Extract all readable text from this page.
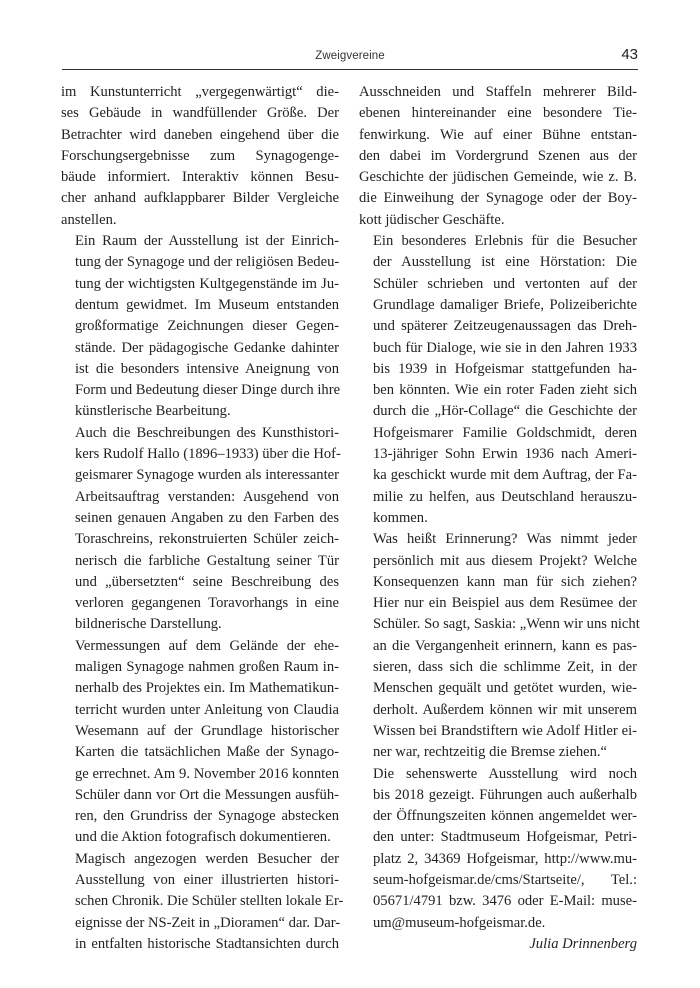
Zweigvereine	43
im Kunstunterricht „vergegenwärtigt“ die-
ses Gebäude in wandfüllender Größe. Der
Betrachter wird daneben eingehend über die
Forschungsergebnisse zum Synagogenge-
bäude informiert. Interaktiv können Besu-
cher anhand aufklappbarer Bilder Vergleiche
anstellen.
Ein Raum der Ausstellung ist der Einrich-
tung der Synagoge und der religiösen Bedeu-
tung der wichtigsten Kultgegenstände im Ju-
dentum gewidmet. Im Museum entstanden
großformatige Zeichnungen dieser Gegen-
stände. Der pädagogische Gedanke dahinter
ist die besonders intensive Aneignung von
Form und Bedeutung dieser Dinge durch ihre
künstlerische Bearbeitung.
Auch die Beschreibungen des Kunsthistori-
kers Rudolf Hallo (1896–1933) über die Hof-
geismarer Synagoge wurden als interessanter
Arbeitsauftrag verstanden: Ausgehend von
seinen genauen Angaben zu den Farben des
Toraschreins, rekonstruierten Schüler zeich-
nerisch die farbliche Gestaltung seiner Tür
und „übersetzten“ seine Beschreibung des
verloren gegangenen Toravorhangs in eine
bildnerische Darstellung.
Vermessungen auf dem Gelände der ehe-
maligen Synagoge nahmen großen Raum in-
nerhalb des Projektes ein. Im Mathematikun-
terricht wurden unter Anleitung von Claudia
Wesemann auf der Grundlage historischer
Karten die tatsächlichen Maße der Synago-
ge errechnet. Am 9. November 2016 konnten
Schüler dann vor Ort die Messungen ausfüh-
ren, den Grundriss der Synagoge abstecken
und die Aktion fotografisch dokumentieren.
Magisch angezogen werden Besucher der
Ausstellung von einer illustrierten histori-
schen Chronik. Die Schüler stellten lokale Er-
eignisse der NS-Zeit in „Dioramen“ dar. Dar-
in entfalten historische Stadtansichten durch
Ausschneiden und Staffeln mehrerer Bild-
ebenen hintereinander eine besondere Tie-
fenwirkung. Wie auf einer Bühne entstan-
den dabei im Vordergrund Szenen aus der
Geschichte der jüdischen Gemeinde, wie z. B.
die Einweihung der Synagoge oder der Boy-
kott jüdischer Geschäfte.
Ein besonderes Erlebnis für die Besucher
der Ausstellung ist eine Hörstation: Die
Schüler schrieben und vertonten auf der
Grundlage damaliger Briefe, Polizeiberichte
und späterer Zeitzeugenaussagen das Dreh-
buch für Dialoge, wie sie in den Jahren 1933
bis 1939 in Hofgeismar stattgefunden ha-
ben könnten. Wie ein roter Faden zieht sich
durch die „Hör-Collage“ die Geschichte der
Hofgeismarer Familie Goldschmidt, deren
13-jähriger Sohn Erwin 1936 nach Ameri-
ka geschickt wurde mit dem Auftrag, der Fa-
milie zu helfen, aus Deutschland herauszu-
kommen.
Was heißt Erinnerung? Was nimmt jeder
persönlich mit aus diesem Projekt? Welche
Konsequenzen kann man für sich ziehen?
Hier nur ein Beispiel aus dem Resümee der
Schüler. So sagt, Saskia: „Wenn wir uns nicht
an die Vergangenheit erinnern, kann es pas-
sieren, dass sich die schlimme Zeit, in der
Menschen gequält und getötet wurden, wie-
derholt. Außerdem können wir mit unserem
Wissen bei Brandstiftern wie Adolf Hitler ei-
ner war, rechtzeitig die Bremse ziehen.“
Die sehenswerte Ausstellung wird noch
bis 2018 gezeigt. Führungen auch außerhalb
der Öffnungszeiten können angemeldet wer-
den unter: Stadtmuseum Hofgeismar, Petri-
platz 2, 34369 Hofgeismar, http://www.mu-
seum-hofgeismar.de/cms/Startseite/, Tel.:
05671/4791 bzw. 3476 oder E-Mail: muse-
um@museum-hofgeismar.de.
Julia Drinnenberg
